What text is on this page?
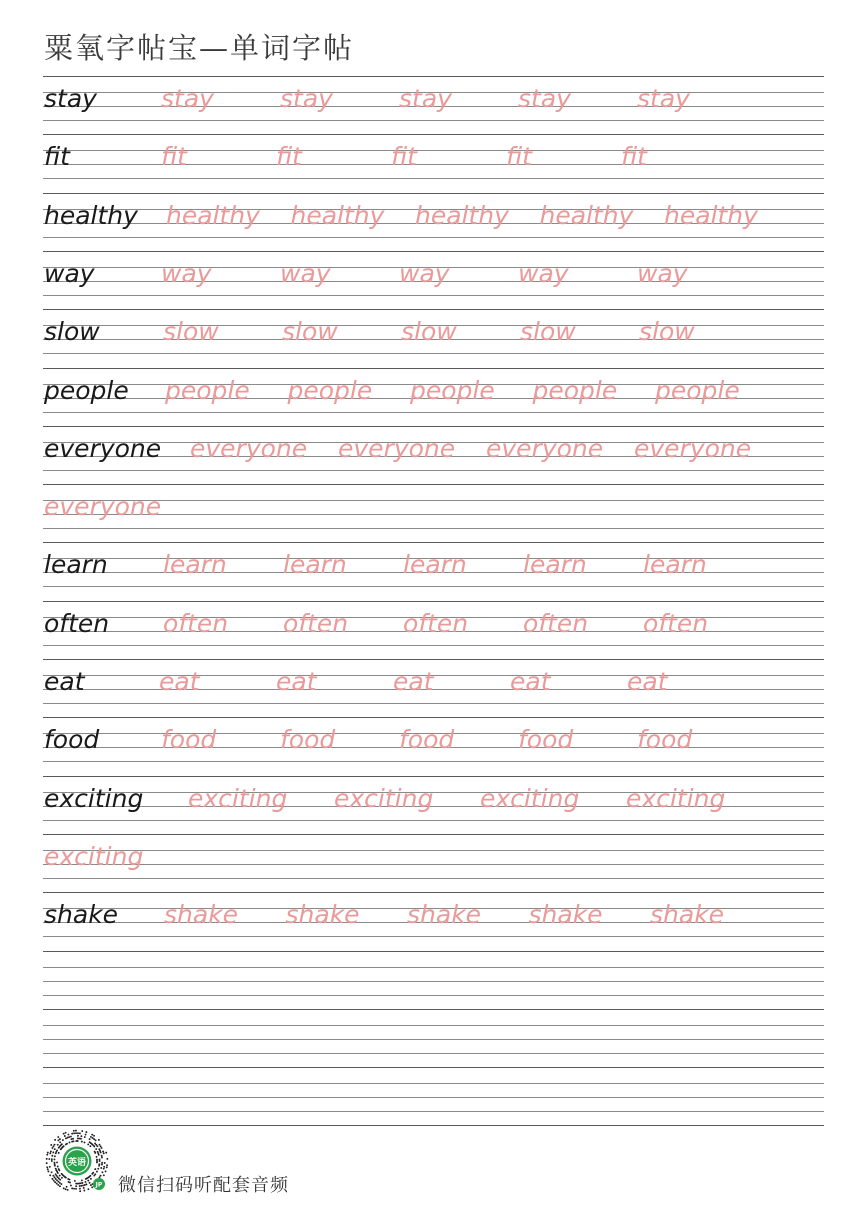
粟氧字帖宝—单词字帖
stay	stay	stay	stay	stay	stay
fit	fit	fit	fit	fit	fit
healthy healthy healthy healthy healthy healthy
way	way	way	way	way	way
slow	slow	slow	slow	slow	slow
people people people people people people
everyone everyone everyone everyone everyone
everyone
learn learn learn learn learn learn
often often often often often often
eat	eat	eat	eat	eat	eat
food food	food	food	food	food
exciting exciting exciting exciting exciting
exciting
shake shake shake shake shake shake
英语
JP 微信扫码听配套音频
